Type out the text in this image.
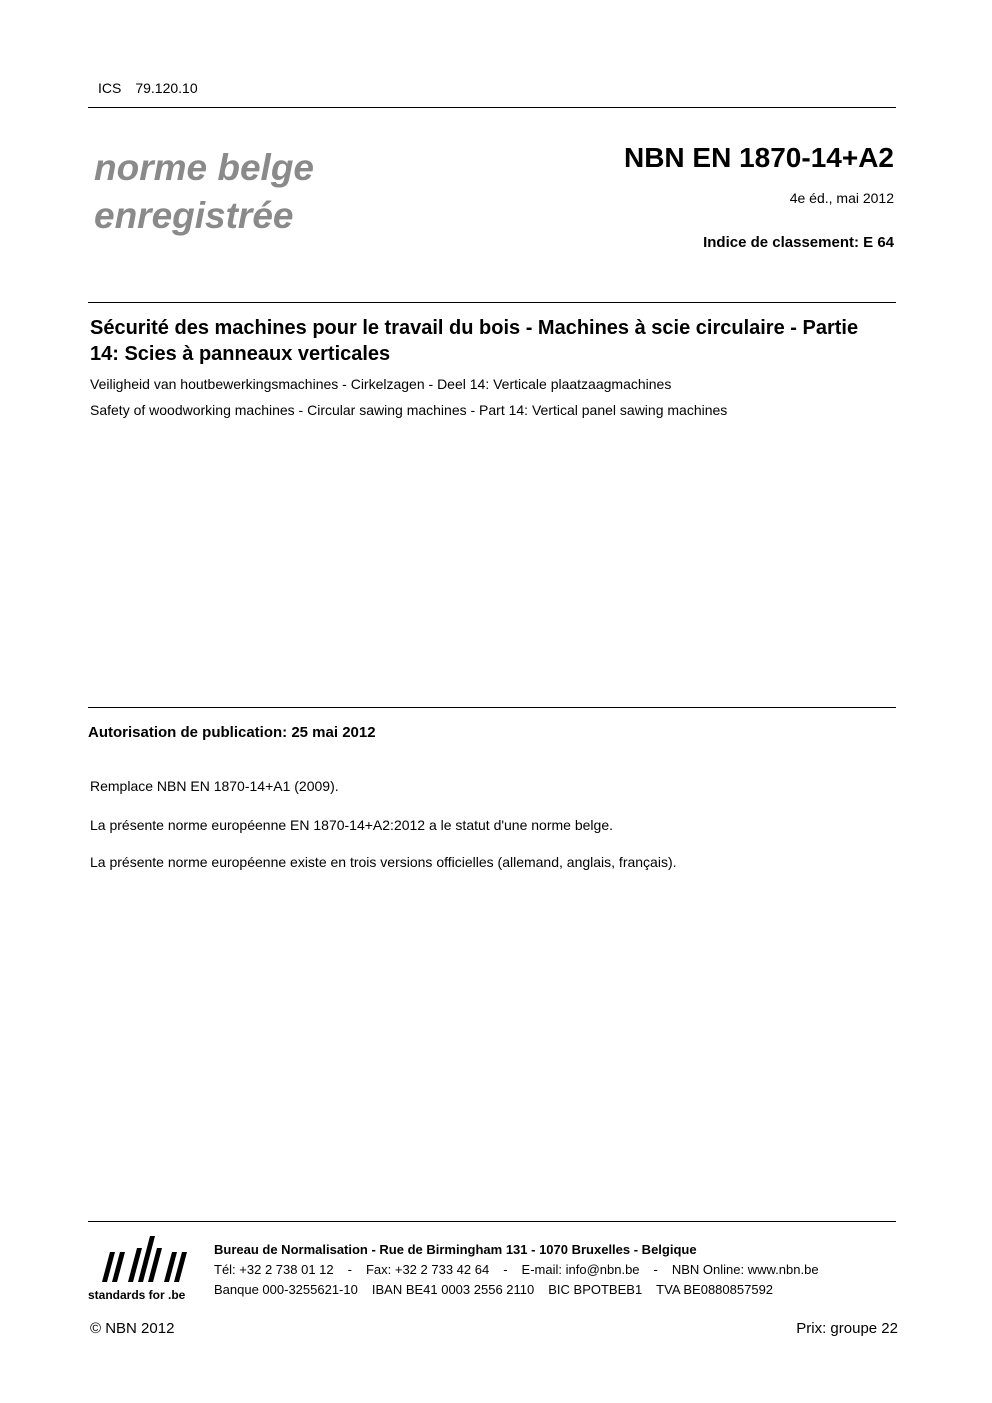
ICS 79.120.10
norme belge
enregistrée
NBN EN 1870-14+A2
4e éd., mai 2012
Indice de classement: E 64
Sécurité des machines pour le travail du bois - Machines à scie circulaire - Partie 14: Scies à panneaux verticales
Veiligheid van houtbewerkingsmachines - Cirkelzagen - Deel 14: Verticale plaatzaagmachines
Safety of woodworking machines - Circular sawing machines - Part 14: Vertical panel sawing machines
Autorisation de publication: 25 mai 2012
Remplace NBN EN 1870-14+A1 (2009).
La présente norme européenne EN 1870-14+A2:2012 a le statut d'une norme belge.
La présente norme européenne existe en trois versions officielles (allemand, anglais, français).
standards for .be
Bureau de Normalisation - Rue de Birmingham 131 - 1070 Bruxelles - Belgique
Tél: +32 2 738 01 12 - Fax: +32 2 733 42 64 - E-mail: info@nbn.be - NBN Online: www.nbn.be
Banque 000-3255621-10 IBAN BE41 0003 2556 2110 BIC BPOTBEB1 TVA BE0880857592
© NBN 2012	Prix: groupe 22
